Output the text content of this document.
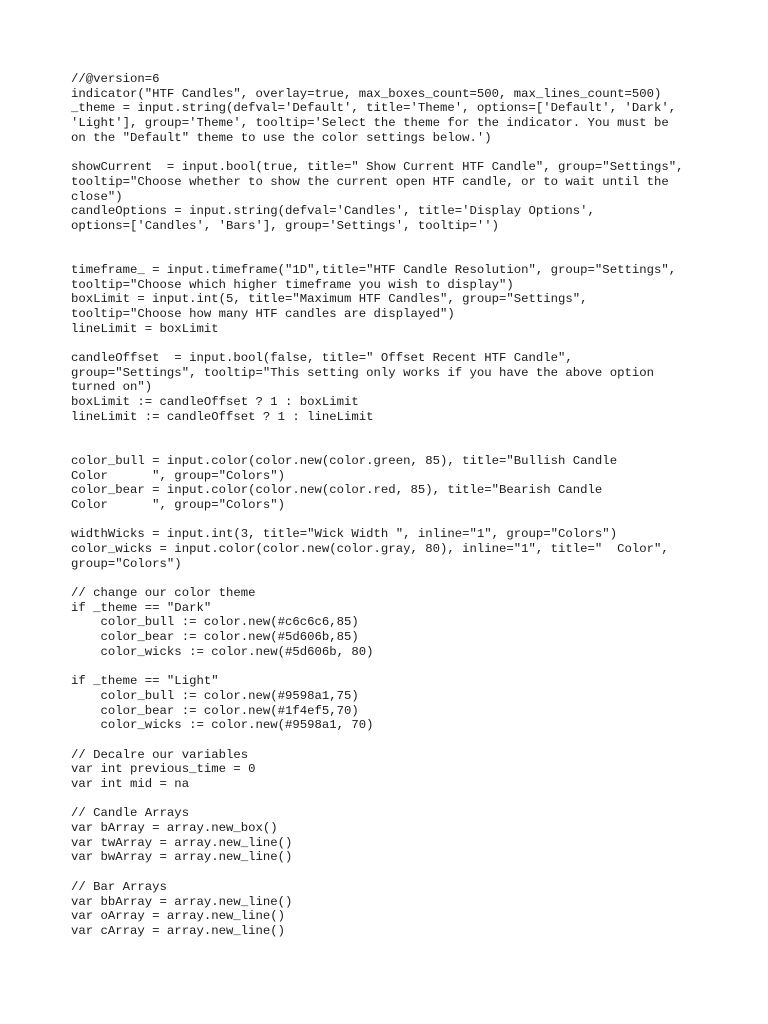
//@version=6
indicator("HTF Candles", overlay=true, max_boxes_count=500, max_lines_count=500)
_theme = input.string(defval='Default', title='Theme', options=['Default', 'Dark',
'Light'], group='Theme', tooltip='Select the theme for the indicator. You must be
on the "Default" theme to use the color settings below.')
showCurrent  = input.bool(true, title=" Show Current HTF Candle", group="Settings",
tooltip="Choose whether to show the current open HTF candle, or to wait until the
close")
candleOptions = input.string(defval='Candles', title='Display Options',
options=['Candles', 'Bars'], group='Settings', tooltip='')
timeframe_ = input.timeframe("1D",title="HTF Candle Resolution", group="Settings",
tooltip="Choose which higher timeframe you wish to display")
boxLimit = input.int(5, title="Maximum HTF Candles", group="Settings",
tooltip="Choose how many HTF candles are displayed")
lineLimit = boxLimit
candleOffset  = input.bool(false, title=" Offset Recent HTF Candle",
group="Settings", tooltip="This setting only works if you have the above option
turned on")
boxLimit := candleOffset ? 1 : boxLimit
lineLimit := candleOffset ? 1 : lineLimit
color_bull = input.color(color.new(color.green, 85), title="Bullish Candle
Color      ", group="Colors")
color_bear = input.color(color.new(color.red, 85), title="Bearish Candle
Color      ", group="Colors")
widthWicks = input.int(3, title="Wick Width ", inline="1", group="Colors")
color_wicks = input.color(color.new(color.gray, 80), inline="1", title="  Color",
group="Colors")
// change our color theme
if _theme == "Dark"
color_bull := color.new(#c6c6c6,85)
color_bear := color.new(#5d606b,85)
color_wicks := color.new(#5d606b, 80)
if _theme == "Light"
color_bull := color.new(#9598a1,75)
color_bear := color.new(#1f4ef5,70)
color_wicks := color.new(#9598a1, 70)
// Decalre our variables
var int previous_time = 0
var int mid = na
// Candle Arrays
var bArray = array.new_box()
var twArray = array.new_line()
var bwArray = array.new_line()
// Bar Arrays
var bbArray = array.new_line()
var oArray = array.new_line()
var cArray = array.new_line()
